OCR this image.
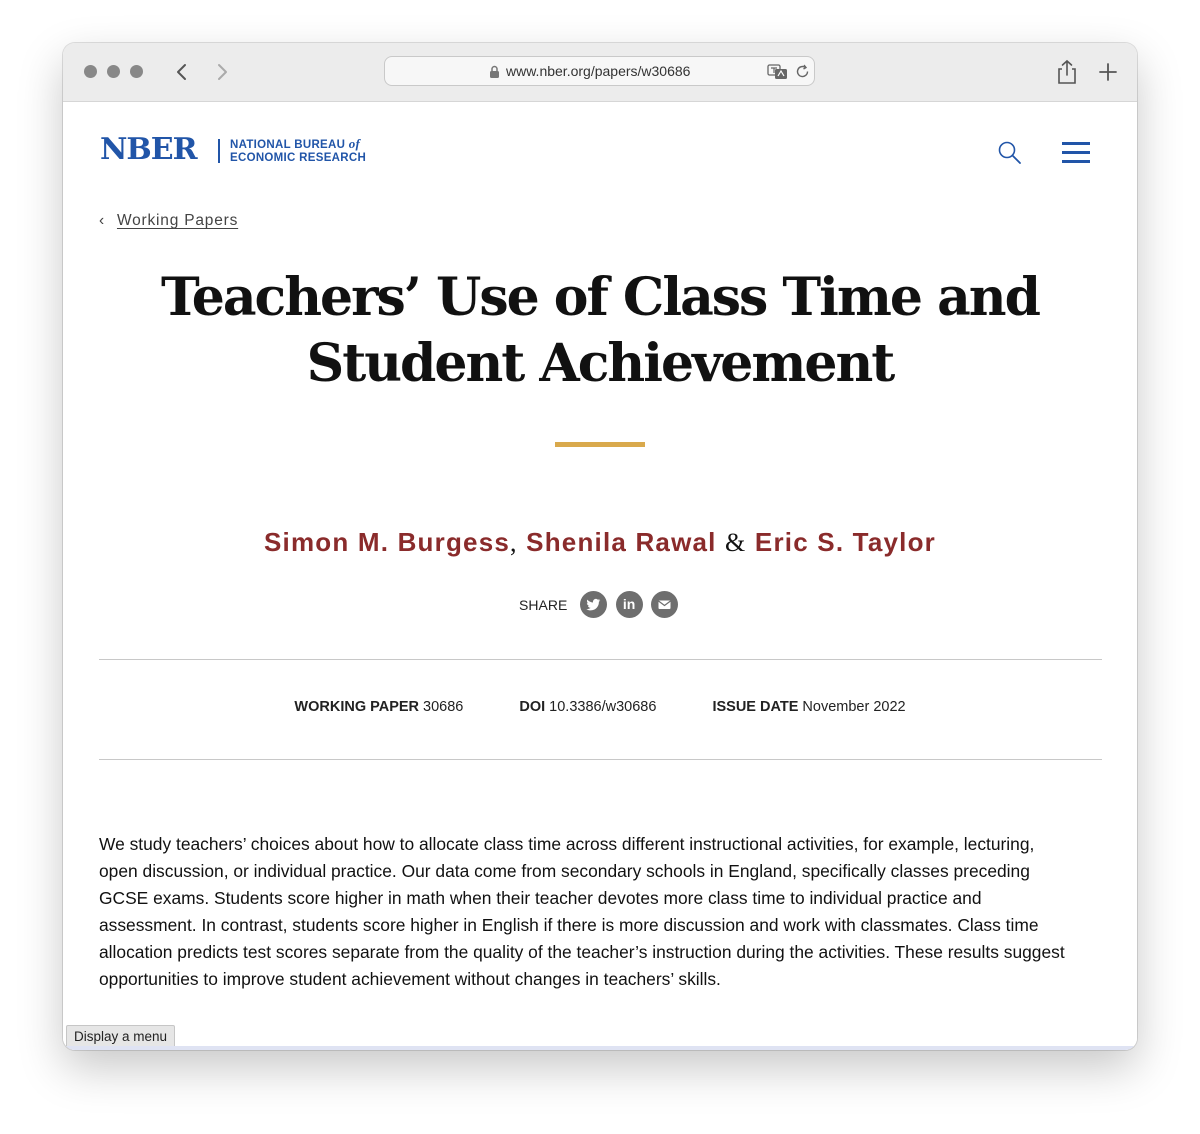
www.nber.org/papers/w30686
NBER	NATIONAL BUREAU of
ECONOMIC RESEARCH
‹ Working Papers
Teachers’ Use of Class Time and
Student Achievement
Simon M. Burgess, Shenila Rawal & Eric S. Taylor
SHARE
	in

WORKING PAPER 30686	DOI 10.3386/w30686	ISSUE DATE November 2022

We study teachers’ choices about how to allocate class time across different instructional activities, for example, lecturing,
open discussion, or individual practice. Our data come from secondary schools in England, specifically classes preceding
GCSE exams. Students score higher in math when their teacher devotes more class time to individual practice and
assessment. In contrast, students score higher in English if there is more discussion and work with classmates. Class time
allocation predicts test scores separate from the quality of the teacher’s instruction during the activities. These results suggest
opportunities to improve student achievement without changes in teachers’ skills.

Display a menu
